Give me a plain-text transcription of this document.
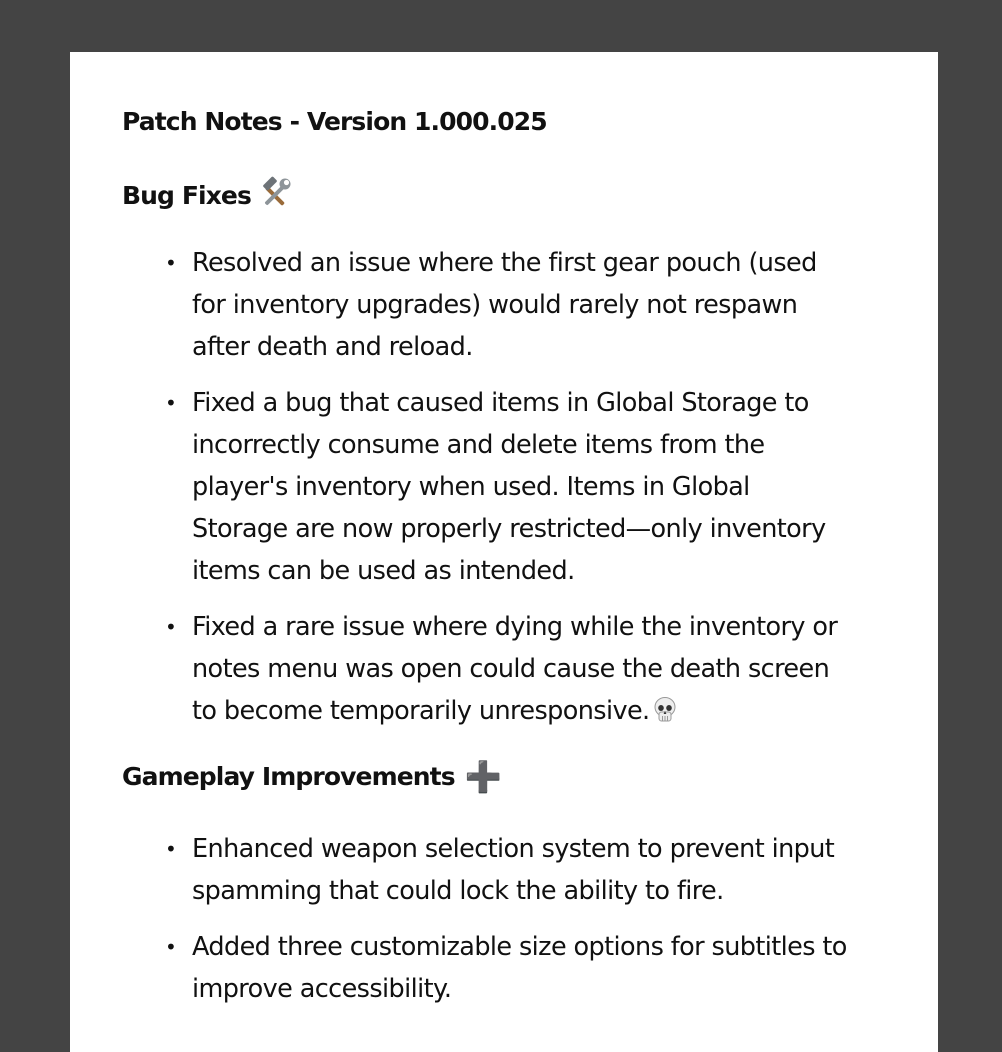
Patch Notes - Version 1.000.025
Bug Fixes
• Resolved an issue where the first gear pouch (used for inventory upgrades) would rarely not respawn after death and reload.
• Fixed a bug that caused items in Global Storage to incorrectly consume and delete items from the player's inventory when used. Items in Global Storage are now properly restricted—only inventory items can be used as intended.
• Fixed a rare issue where dying while the inventory or notes menu was open could cause the death screen to become temporarily unresponsive.
Gameplay Improvements ➕
• Enhanced weapon selection system to prevent input spamming that could lock the ability to fire.
• Added three customizable size options for subtitles to improve accessibility.
